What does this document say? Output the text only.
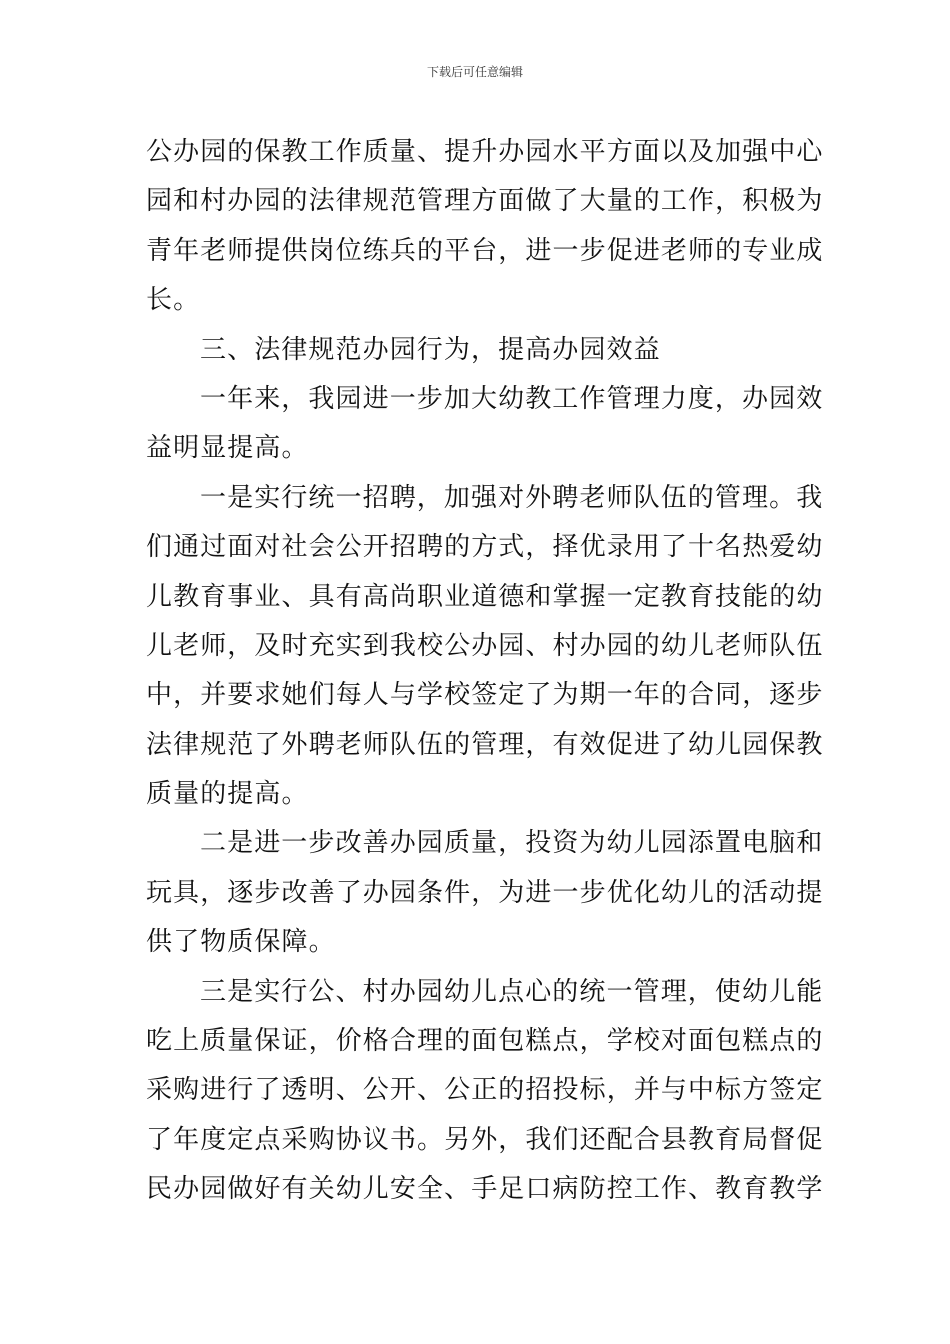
下载后可任意编辑
公办园的保教工作质量、提升办园水平方面以及加强中心
园和村办园的法律规范管理方面做了大量的工作，积极为
青年老师提供岗位练兵的平台，进一步促进老师的专业成
长。
三、法律规范办园行为，提高办园效益
一年来，我园进一步加大幼教工作管理力度，办园效
益明显提高。
一是实行统一招聘，加强对外聘老师队伍的管理。我
们通过面对社会公开招聘的方式，择优录用了十名热爱幼
儿教育事业、具有高尚职业道德和掌握一定教育技能的幼
儿老师，及时充实到我校公办园、村办园的幼儿老师队伍
中，并要求她们每人与学校签定了为期一年的合同，逐步
法律规范了外聘老师队伍的管理，有效促进了幼儿园保教
质量的提高。
二是进一步改善办园质量，投资为幼儿园添置电脑和
玩具，逐步改善了办园条件，为进一步优化幼儿的活动提
供了物质保障。
三是实行公、村办园幼儿点心的统一管理，使幼儿能
吃上质量保证，价格合理的面包糕点，学校对面包糕点的
采购进行了透明、公开、公正的招投标，并与中标方签定
了年度定点采购协议书。另外，我们还配合县教育局督促
民办园做好有关幼儿安全、手足口病防控工作、教育教学
